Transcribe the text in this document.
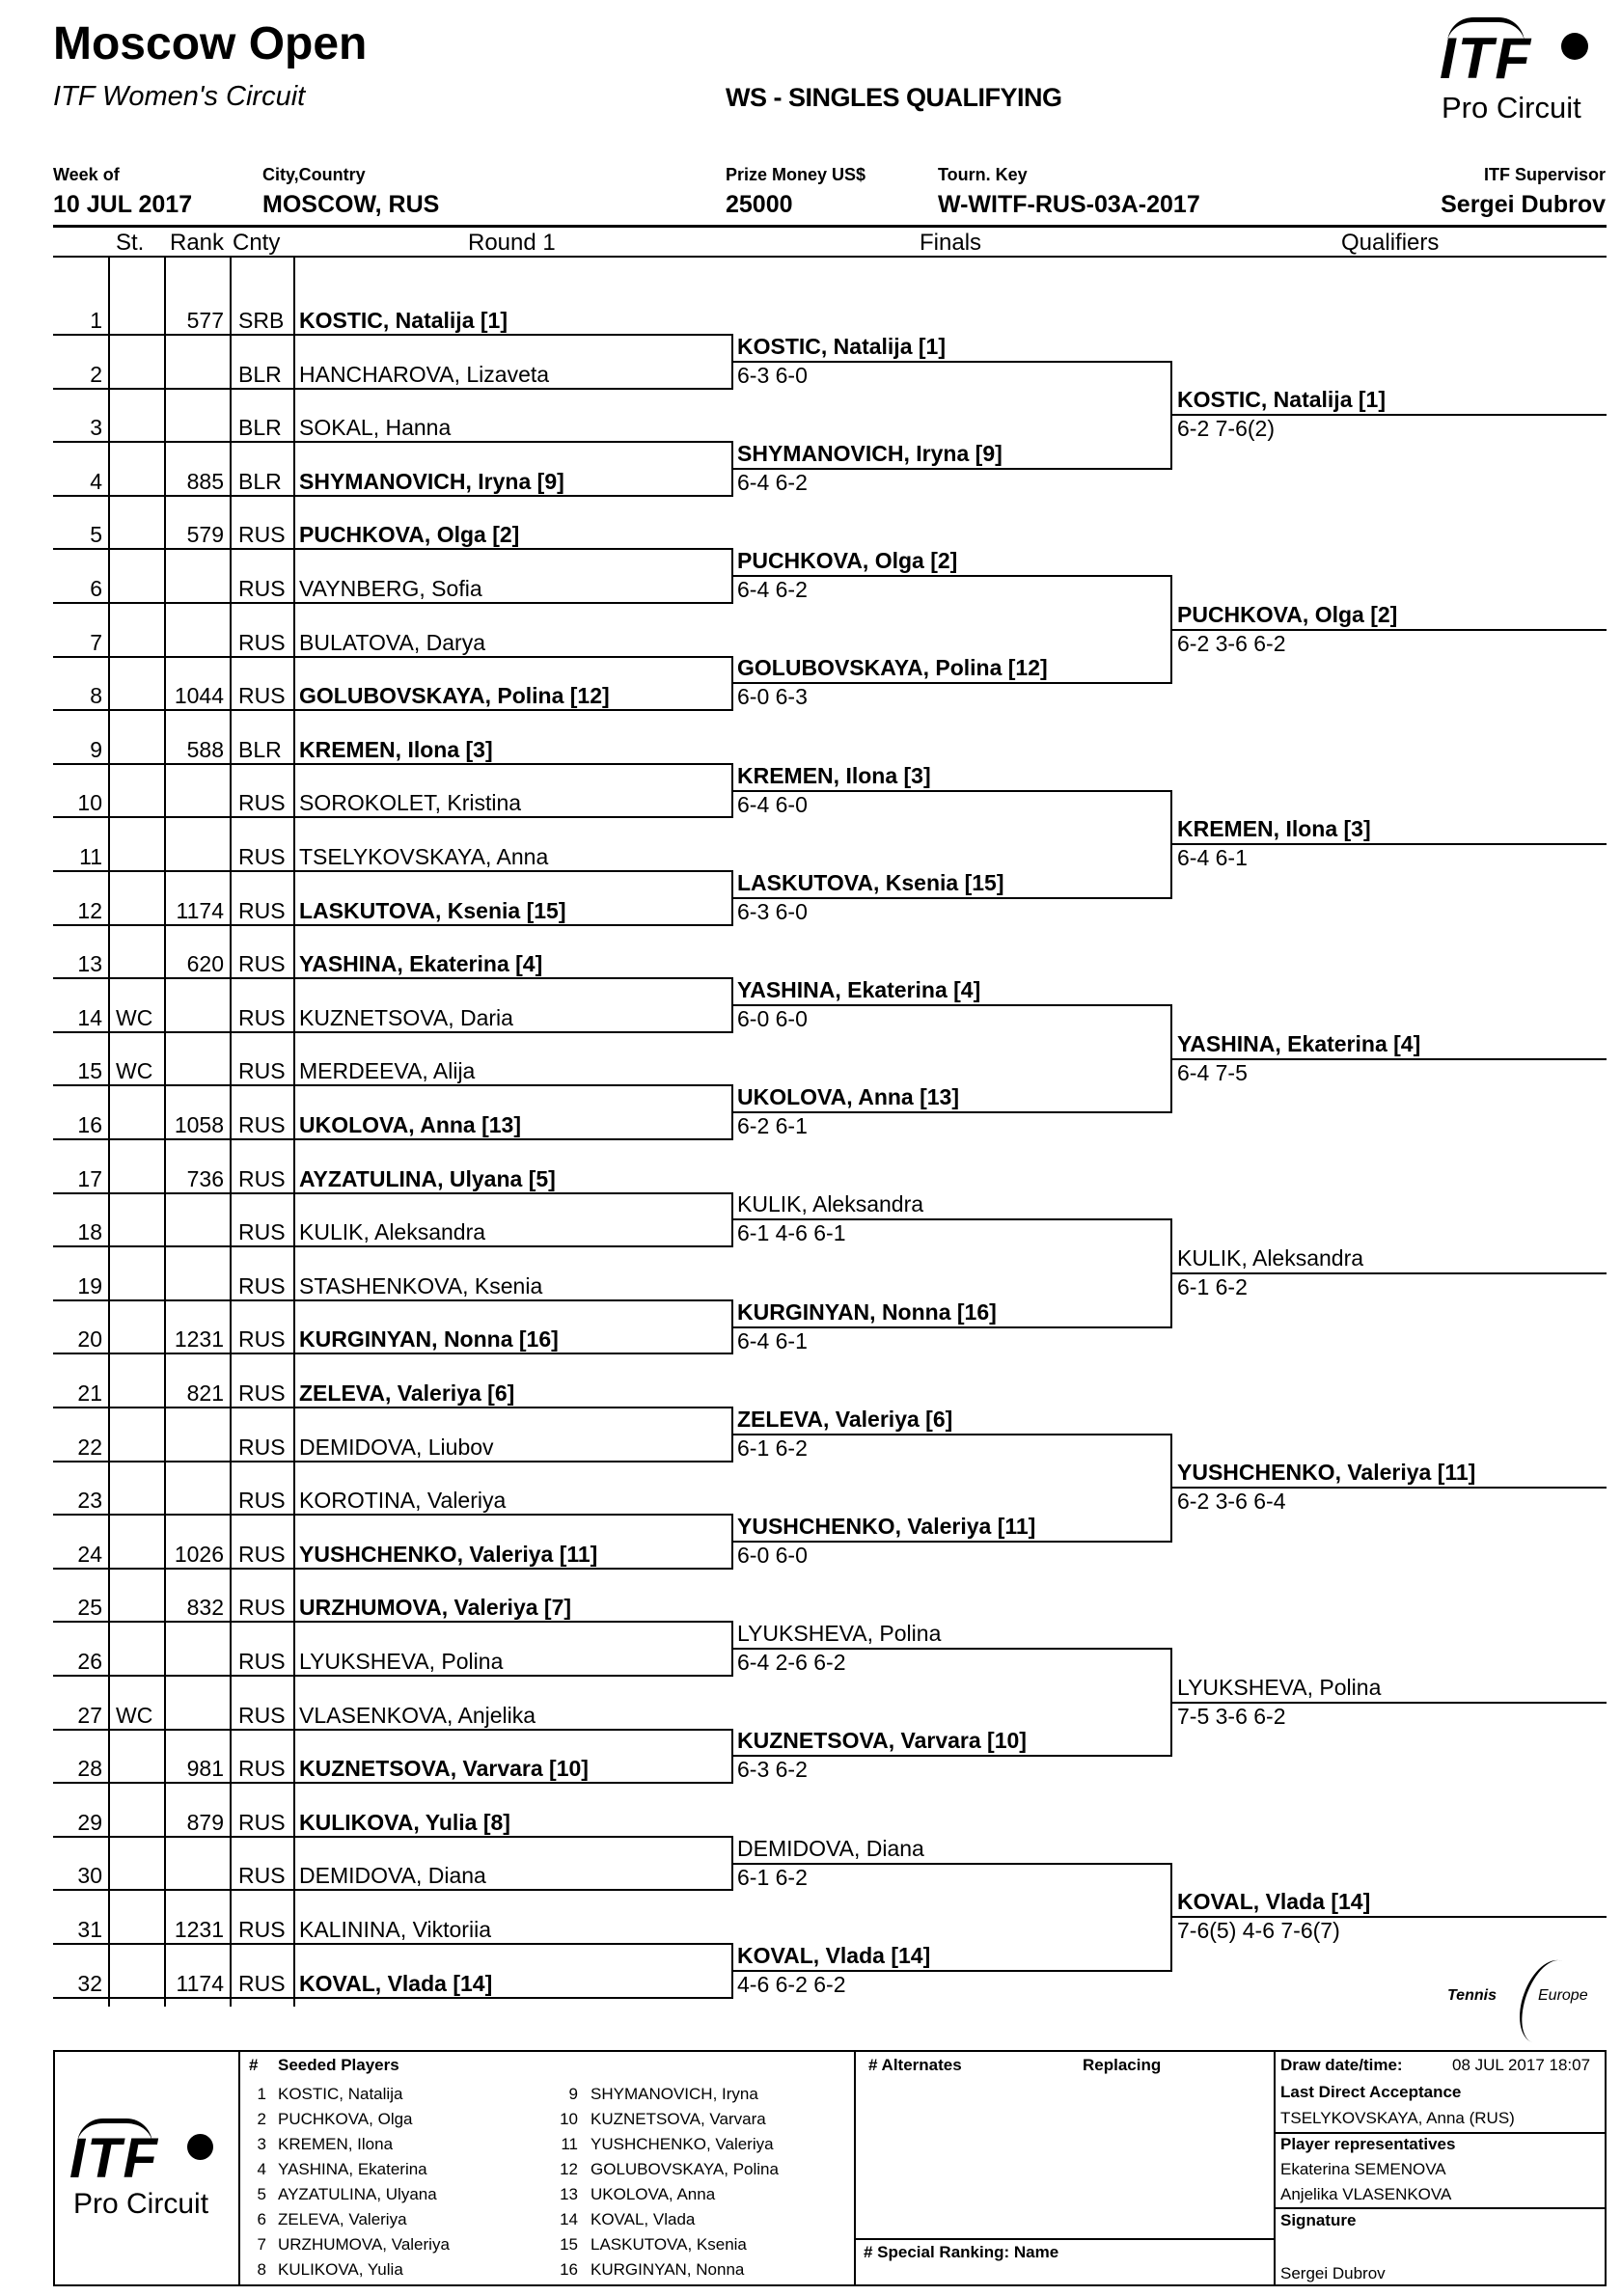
Moscow Open
ITF Women's Circuit	WS - SINGLES QUALIFYING
ITF
Pro Circuit
Week of
10 JUL 2017
City,Country
MOSCOW, RUS
Prize Money US$
25000
Tourn. Key
W-WITF-RUS-03A-2017
ITF Supervisor
Sergei Dubrov
St. Rank Cnty	Round 1	Finals	Qualifiers
1	577 SRB KOSTIC, Natalija [1]
2	BLR HANCHAROVA, Lizaveta
3	BLR SOKAL, Hanna
4	885 BLR SHYMANOVICH, Iryna [9]
5	579 RUS PUCHKOVA, Olga [2]
6	RUS VAYNBERG, Sofia
7	RUS BULATOVA, Darya
8	1044 RUS GOLUBOVSKAYA, Polina [12]
9	588 BLR KREMEN, Ilona [3]
10	RUS SOROKOLET, Kristina
11	RUS TSELYKOVSKAYA, Anna
12	1174 RUS LASKUTOVA, Ksenia [15]
13	620 RUS YASHINA, Ekaterina [4]
14 WC	RUS KUZNETSOVA, Daria
15 WC	RUS MERDEEVA, Alija
16	1058 RUS UKOLOVA, Anna [13]
17	736 RUS AYZATULINA, Ulyana [5]
18	RUS KULIK, Aleksandra
19	RUS STASHENKOVA, Ksenia
20	1231 RUS KURGINYAN, Nonna [16]
21	821 RUS ZELEVA, Valeriya [6]
22	RUS DEMIDOVA, Liubov
23	RUS KOROTINA, Valeriya
24	1026 RUS YUSHCHENKO, Valeriya [11]
25	832 RUS URZHUMOVA, Valeriya [7]
26	RUS LYUKSHEVA, Polina
27 WC	RUS VLASENKOVA, Anjelika
28	981 RUS KUZNETSOVA, Varvara [10]
29	879 RUS KULIKOVA, Yulia [8]
30	RUS DEMIDOVA, Diana
31	1231 RUS KALININA, Viktoriia
32	1174 RUS KOVAL, Vlada [14]
KOSTIC, Natalija [1]
6-3 6-0
SHYMANOVICH, Iryna [9]
6-4 6-2
PUCHKOVA, Olga [2]
6-4 6-2
GOLUBOVSKAYA, Polina [12]
6-0 6-3
KREMEN, Ilona [3]
6-4 6-0
LASKUTOVA, Ksenia [15]
6-3 6-0
YASHINA, Ekaterina [4]
6-0 6-0
UKOLOVA, Anna [13]
6-2 6-1
KULIK, Aleksandra
6-1 4-6 6-1
KURGINYAN, Nonna [16]
6-4 6-1
ZELEVA, Valeriya [6]
6-1 6-2
YUSHCHENKO, Valeriya [11]
6-0 6-0
LYUKSHEVA, Polina
6-4 2-6 6-2
KUZNETSOVA, Varvara [10]
6-3 6-2
DEMIDOVA, Diana
6-1 6-2
KOVAL, Vlada [14]
4-6 6-2 6-2
KOSTIC, Natalija [1]
6-2 7-6(2)
PUCHKOVA, Olga [2]
6-2 3-6 6-2
KREMEN, Ilona [3]
6-4 6-1
YASHINA, Ekaterina [4]
6-4 7-5
KULIK, Aleksandra
6-1 6-2
YUSHCHENKO, Valeriya [11]
6-2 3-6 6-4
LYUKSHEVA, Polina
7-5 3-6 6-2
KOVAL, Vlada [14]
7-6(5) 4-6 7-6(7)
Tennis	Europe
ITF
Pro Circuit
# Seeded Players
1 KOSTIC, Natalija
2 PUCHKOVA, Olga
3 KREMEN, Ilona
4 YASHINA, Ekaterina
5 AYZATULINA, Ulyana
6 ZELEVA, Valeriya
7 URZHUMOVA, Valeriya
8 KULIKOVA, Yulia
9 SHYMANOVICH, Iryna
10 KUZNETSOVA, Varvara
11 YUSHCHENKO, Valeriya
12 GOLUBOVSKAYA, Polina
13 UKOLOVA, Anna
14 KOVAL, Vlada
15 LASKUTOVA, Ksenia
16 KURGINYAN, Nonna
# Alternates	Replacing
# Special Ranking: Name
Draw date/time:	08 JUL 2017 18:07
Last Direct Acceptance
TSELYKOVSKAYA, Anna (RUS)
Player representatives
Ekaterina SEMENOVA
Anjelika VLASENKOVA
Signature
Sergei Dubrov
